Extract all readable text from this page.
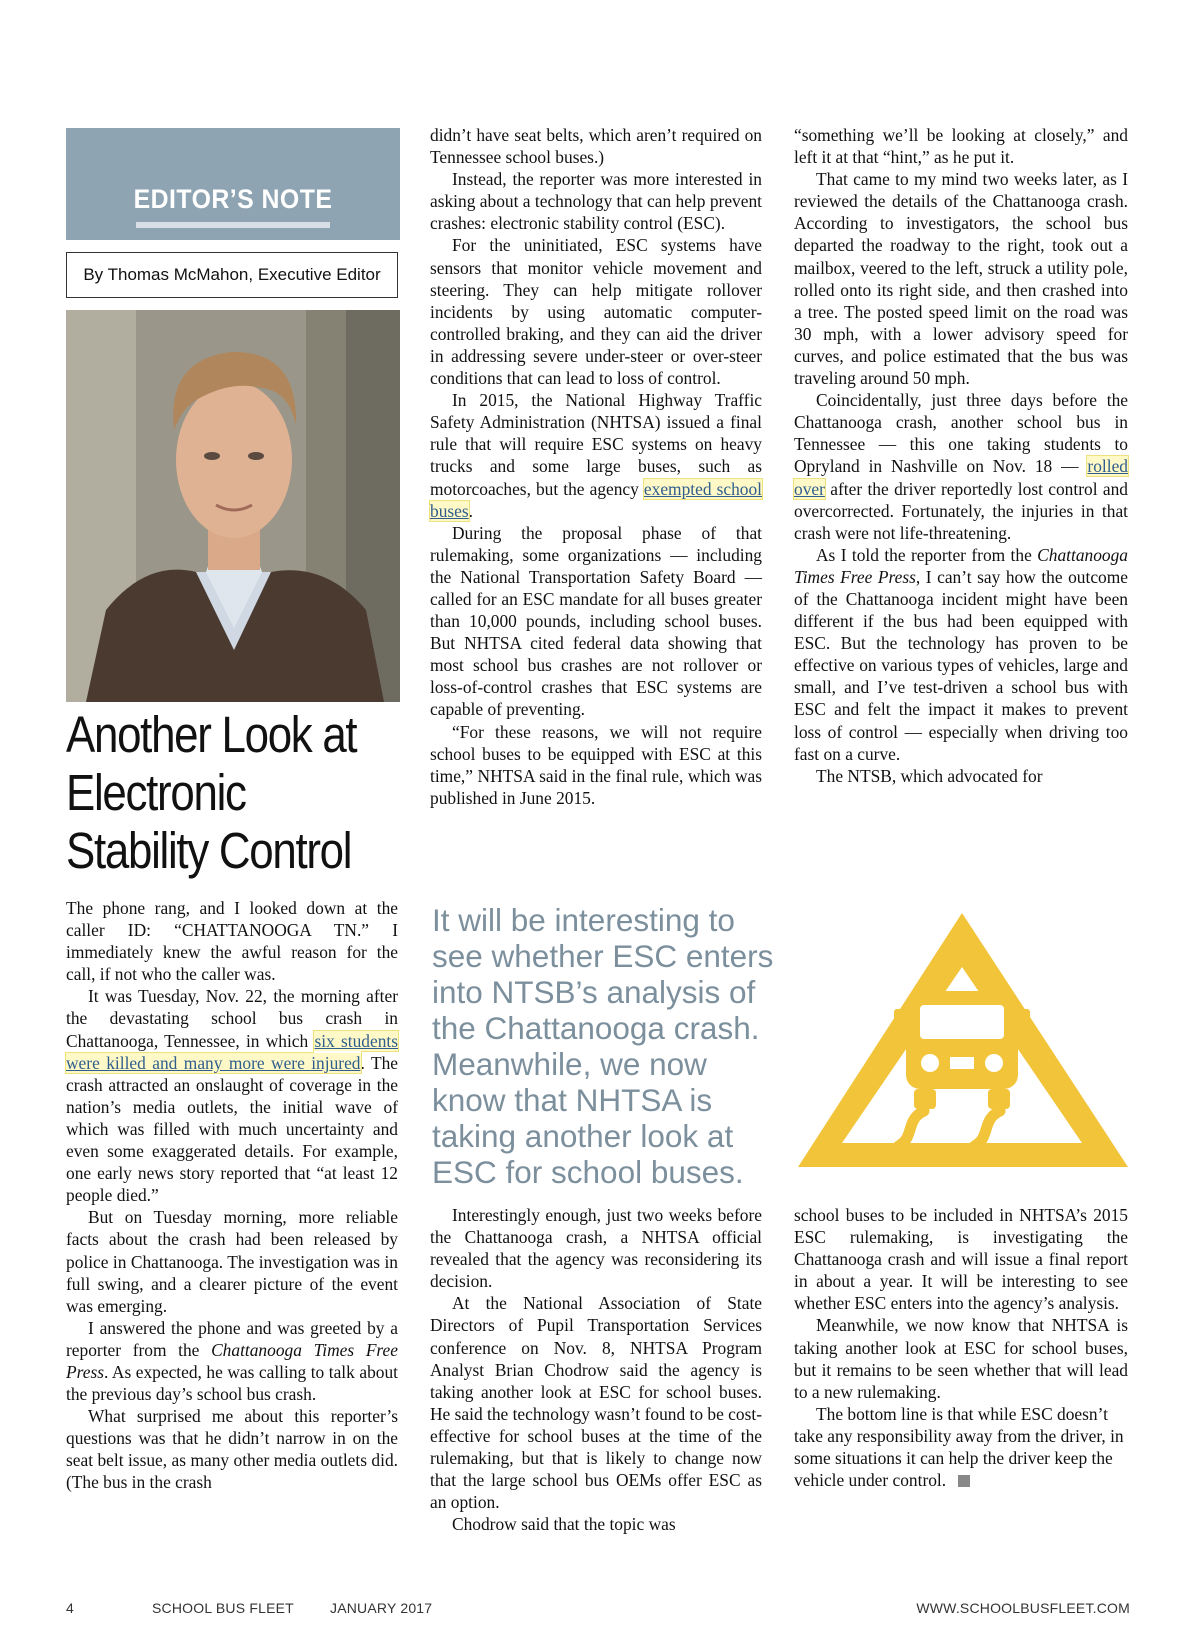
EDITOR’S NOTE
By Thomas McMahon, Executive Editor
Another Look at
Electronic
Stability Control

The phone rang, and I looked down at the caller ID: “CHATTANOOGA TN.” I immediately knew the awful reason for the call, if not who the caller was.

It was Tuesday, Nov. 22, the morning after the devastating school bus crash in Chattanooga, Tennessee, in which six students were killed and many more were injured. The crash attracted an onslaught of coverage in the nation’s media outlets, the initial wave of which was filled with much uncertainty and even some exaggerated details. For example, one early news story reported that “at least 12 people died.”

But on Tuesday morning, more reliable facts about the crash had been released by police in Chattanooga. The investigation was in full swing, and a clearer picture of the event was emerging.

I answered the phone and was greeted by a reporter from the Chattanooga Times Free Press. As expected, he was calling to talk about the previous day’s school bus crash.

What surprised me about this reporter’s questions was that he didn’t narrow in on the seat belt issue, as many other media outlets did. (The bus in the crash

didn’t have seat belts, which aren’t required on Tennessee school buses.)

Instead, the reporter was more interested in asking about a technology that can help prevent crashes: electronic stability control (ESC).

For the uninitiated, ESC systems have sensors that monitor vehicle movement and steering. They can help mitigate rollover incidents by using automatic computer-controlled braking, and they can aid the driver in addressing severe under-steer or over-steer conditions that can lead to loss of control.

In 2015, the National Highway Traffic Safety Administration (NHTSA) issued a final rule that will require ESC systems on heavy trucks and some large buses, such as motorcoaches, but the agency exempted school buses.

During the proposal phase of that rulemaking, some organizations — including the National Transportation Safety Board — called for an ESC mandate for all buses greater than 10,000 pounds, including school buses. But NHTSA cited federal data showing that most school bus crashes are not rollover or loss-of-control crashes that ESC systems are capable of preventing.

“For these reasons, we will not require school buses to be equipped with ESC at this time,” NHTSA said in the final rule, which was published in June 2015.

It will be interesting to see whether ESC enters into NTSB’s analysis of the Chattanooga crash. Meanwhile, we now know that NHTSA is taking another look at ESC for school buses.

Interestingly enough, just two weeks before the Chattanooga crash, a NHTSA official revealed that the agency was reconsidering its decision.

At the National Association of State Directors of Pupil Transportation Services conference on Nov. 8, NHTSA Program Analyst Brian Chodrow said the agency is taking another look at ESC for school buses. He said the technology wasn’t found to be cost-effective for school buses at the time of the rulemaking, but that is likely to change now that the large school bus OEMs offer ESC as an option.

Chodrow said that the topic was

“something we’ll be looking at closely,” and left it at that “hint,” as he put it.

That came to my mind two weeks later, as I reviewed the details of the Chattanooga crash. According to investigators, the school bus departed the roadway to the right, took out a mailbox, veered to the left, struck a utility pole, rolled onto its right side, and then crashed into a tree. The posted speed limit on the road was 30 mph, with a lower advisory speed for curves, and police estimated that the bus was traveling around 50 mph.

Coincidentally, just three days before the Chattanooga crash, another school bus in Tennessee — this one taking students to Opryland in Nashville on Nov. 18 — rolled over after the driver reportedly lost control and overcorrected. Fortunately, the injuries in that crash were not life-threatening.

As I told the reporter from the Chattanooga Times Free Press, I can’t say how the outcome of the Chattanooga incident might have been different if the bus had been equipped with ESC. But the technology has proven to be effective on various types of vehicles, large and small, and I’ve test-driven a school bus with ESC and felt the impact it makes to prevent loss of control — especially when driving too fast on a curve.

The NTSB, which advocated for

school buses to be included in NHTSA’s 2015 ESC rulemaking, is investigating the Chattanooga crash and will issue a final report in about a year. It will be interesting to see whether ESC enters into the agency’s analysis.

Meanwhile, we now know that NHTSA is taking another look at ESC for school buses, but it remains to be seen whether that will lead to a new rulemaking.

The bottom line is that while ESC doesn’t take any responsibility away from the driver, in some situations it can help the driver keep the vehicle under control.

4	SCHOOL BUS FLEET	JANUARY 2017	WWW.SCHOOLBUSFLEET.COM
